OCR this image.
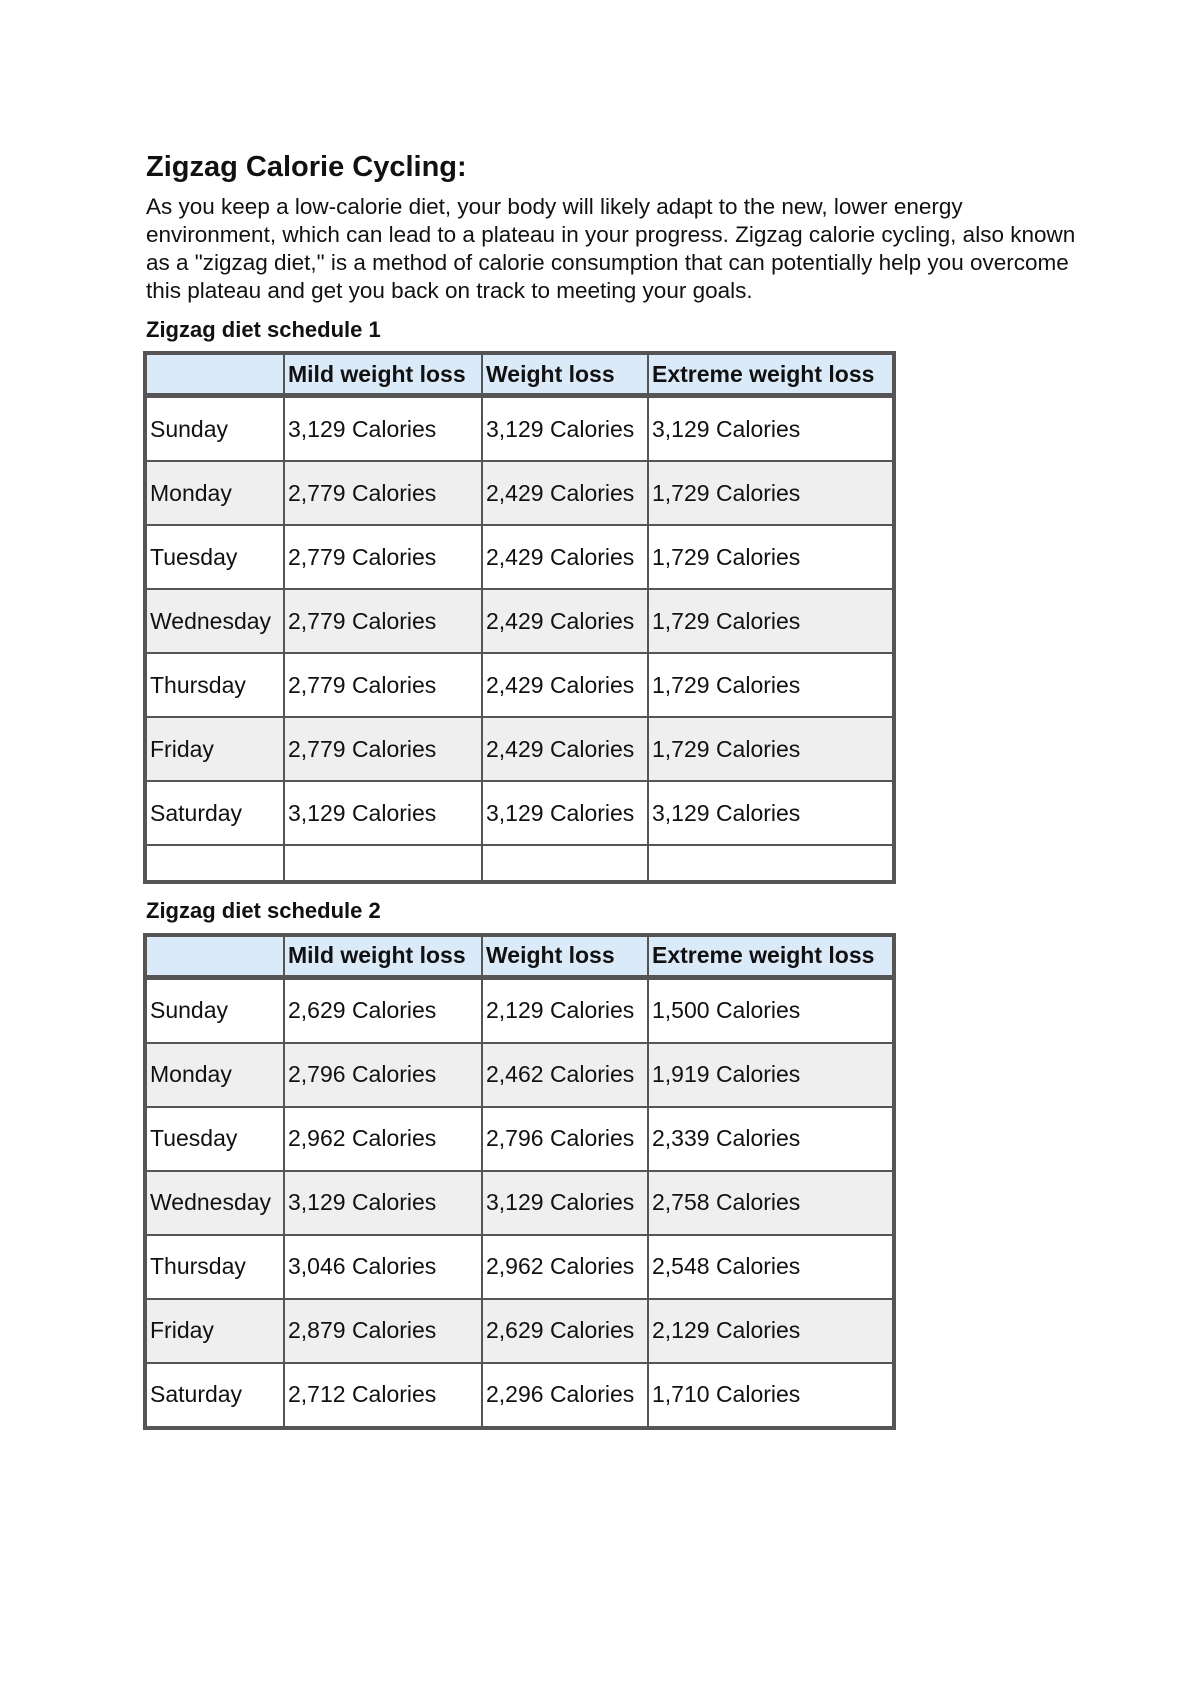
Zigzag Calorie Cycling:

As you keep a low-calorie diet, your body will likely adapt to the new, lower energy environment, which can lead to a plateau in your progress. Zigzag calorie cycling, also known as a "zigzag diet," is a method of calorie consumption that can potentially help you overcome this plateau and get you back on track to meeting your goals.

Zigzag diet schedule 1
	Mild weight loss	Weight loss	Extreme weight loss
Sunday	3,129 Calories	3,129 Calories	3,129 Calories
Monday	2,779 Calories	2,429 Calories	1,729 Calories
Tuesday	2,779 Calories	2,429 Calories	1,729 Calories
Wednesday	2,779 Calories	2,429 Calories	1,729 Calories
Thursday	2,779 Calories	2,429 Calories	1,729 Calories
Friday	2,779 Calories	2,429 Calories	1,729 Calories
Saturday	3,129 Calories	3,129 Calories	3,129 Calories

Zigzag diet schedule 2
	Mild weight loss	Weight loss	Extreme weight loss
Sunday	2,629 Calories	2,129 Calories	1,500 Calories
Monday	2,796 Calories	2,462 Calories	1,919 Calories
Tuesday	2,962 Calories	2,796 Calories	2,339 Calories
Wednesday	3,129 Calories	3,129 Calories	2,758 Calories
Thursday	3,046 Calories	2,962 Calories	2,548 Calories
Friday	2,879 Calories	2,629 Calories	2,129 Calories
Saturday	2,712 Calories	2,296 Calories	1,710 Calories
